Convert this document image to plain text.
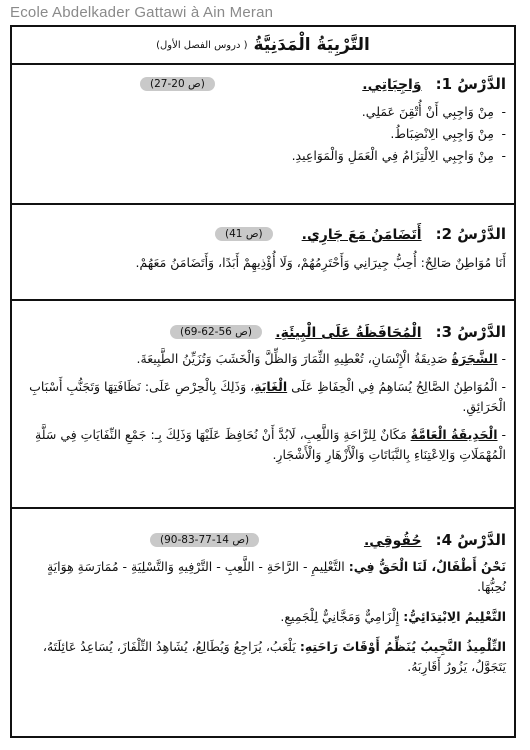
Ecole Abdelkader Gattawi à Ain Meran
التَّرْبِيَةُ الْمَدَنِيَّةُ
( دروس الفصل الأول)
الدَّرْسُ 1:
وَاجِبَاتِي.
(ص 20-27)
- مِنْ وَاجِبِي أَنْ أُتْقِنَ عَمَلِي.
- مِنْ وَاجِبِي الِانْضِبَاطُ.
- مِنْ وَاجِبِي الِالْتِزَامُ فِي الْعَمَلِ وَالْمَوَاعِيدِ.
الدَّرْسُ 2:
أَتَضَامَنُ مَعَ جَارِي.
(ص 41)

أَنَا مُوَاطِنٌ صَالِحٌ: أُحِبُّ جِيرَانِي وَأَحْتَرِمُهُمْ، وَلَا أُؤْذِيهِمْ أَبَدًا، وَأَتَضَامَنُ مَعَهُمْ.

الدَّرْسُ 3:
الْمُحَافَظَةُ عَلَى الْبِيئَةِ.
(ص 56-62-69)

- الشَّجَرَةُ صَدِيقَةُ الْإِنْسَانِ، تُعْطِيهِ الثِّمَارَ وَالظِّلَّ وَالْخَشَبَ وَتُزَيِّنُ الطَّبِيعَةَ.

- الْمُوَاطِنُ الصَّالِحُ يُسَاهِمُ فِي الْحِفَاظِ عَلَى الْغَابَةِ، وَذَلِكَ بِالْحِرْصِ عَلَى: نَظَافَتِهَا وَتَجَنُّبِ أَسْبَابِ الْحَرَائِقِ.

- الْحَدِيقَةُ الْعَامَّةُ مَكَانٌ لِلرَّاحَةِ وَاللَّعِبِ، لَابُدَّ أَنْ نُحَافِظَ عَلَيْهَا وَذَلِكَ بِـ: جَمْعِ النِّفَايَاتِ فِي سَلَّةِ الْمُهْمَلَاتِ وَالِاعْتِنَاءِ بِالنَّبَاتَاتِ وَالْأَزْهَارِ وَالْأَشْجَارِ.

الدَّرْسُ 4:
حُقُوقِي.
(ص 14-77-83-90)

نَحْنُ أَطْفَالٌ، لَنَا الْحَقُّ فِي: التَّعْلِيمِ - الرَّاحَةِ - اللَّعِبِ - التَّرْفِيهِ وَالتَّسْلِيَةِ - مُمَارَسَةِ هِوَايَةٍ نُحِبُّهَا.

التَّعْلِيمُ الِابْتِدَائِيُّ: إِلْزَامِيٌّ وَمَجَّانِيٌّ لِلْجَمِيعِ.

التِّلْمِيذُ النَّجِيبُ يُنَظِّمُ أَوْقَاتَ رَاحَتِهِ: يَلْعَبُ، يُرَاجِعُ وَيُطَالِعُ، يُشَاهِدُ التِّلْفَازَ، يُسَاعِدُ عَائِلَتَهُ، يَتَجَوَّلُ، يَزُورُ أَقَارِبَهُ.
